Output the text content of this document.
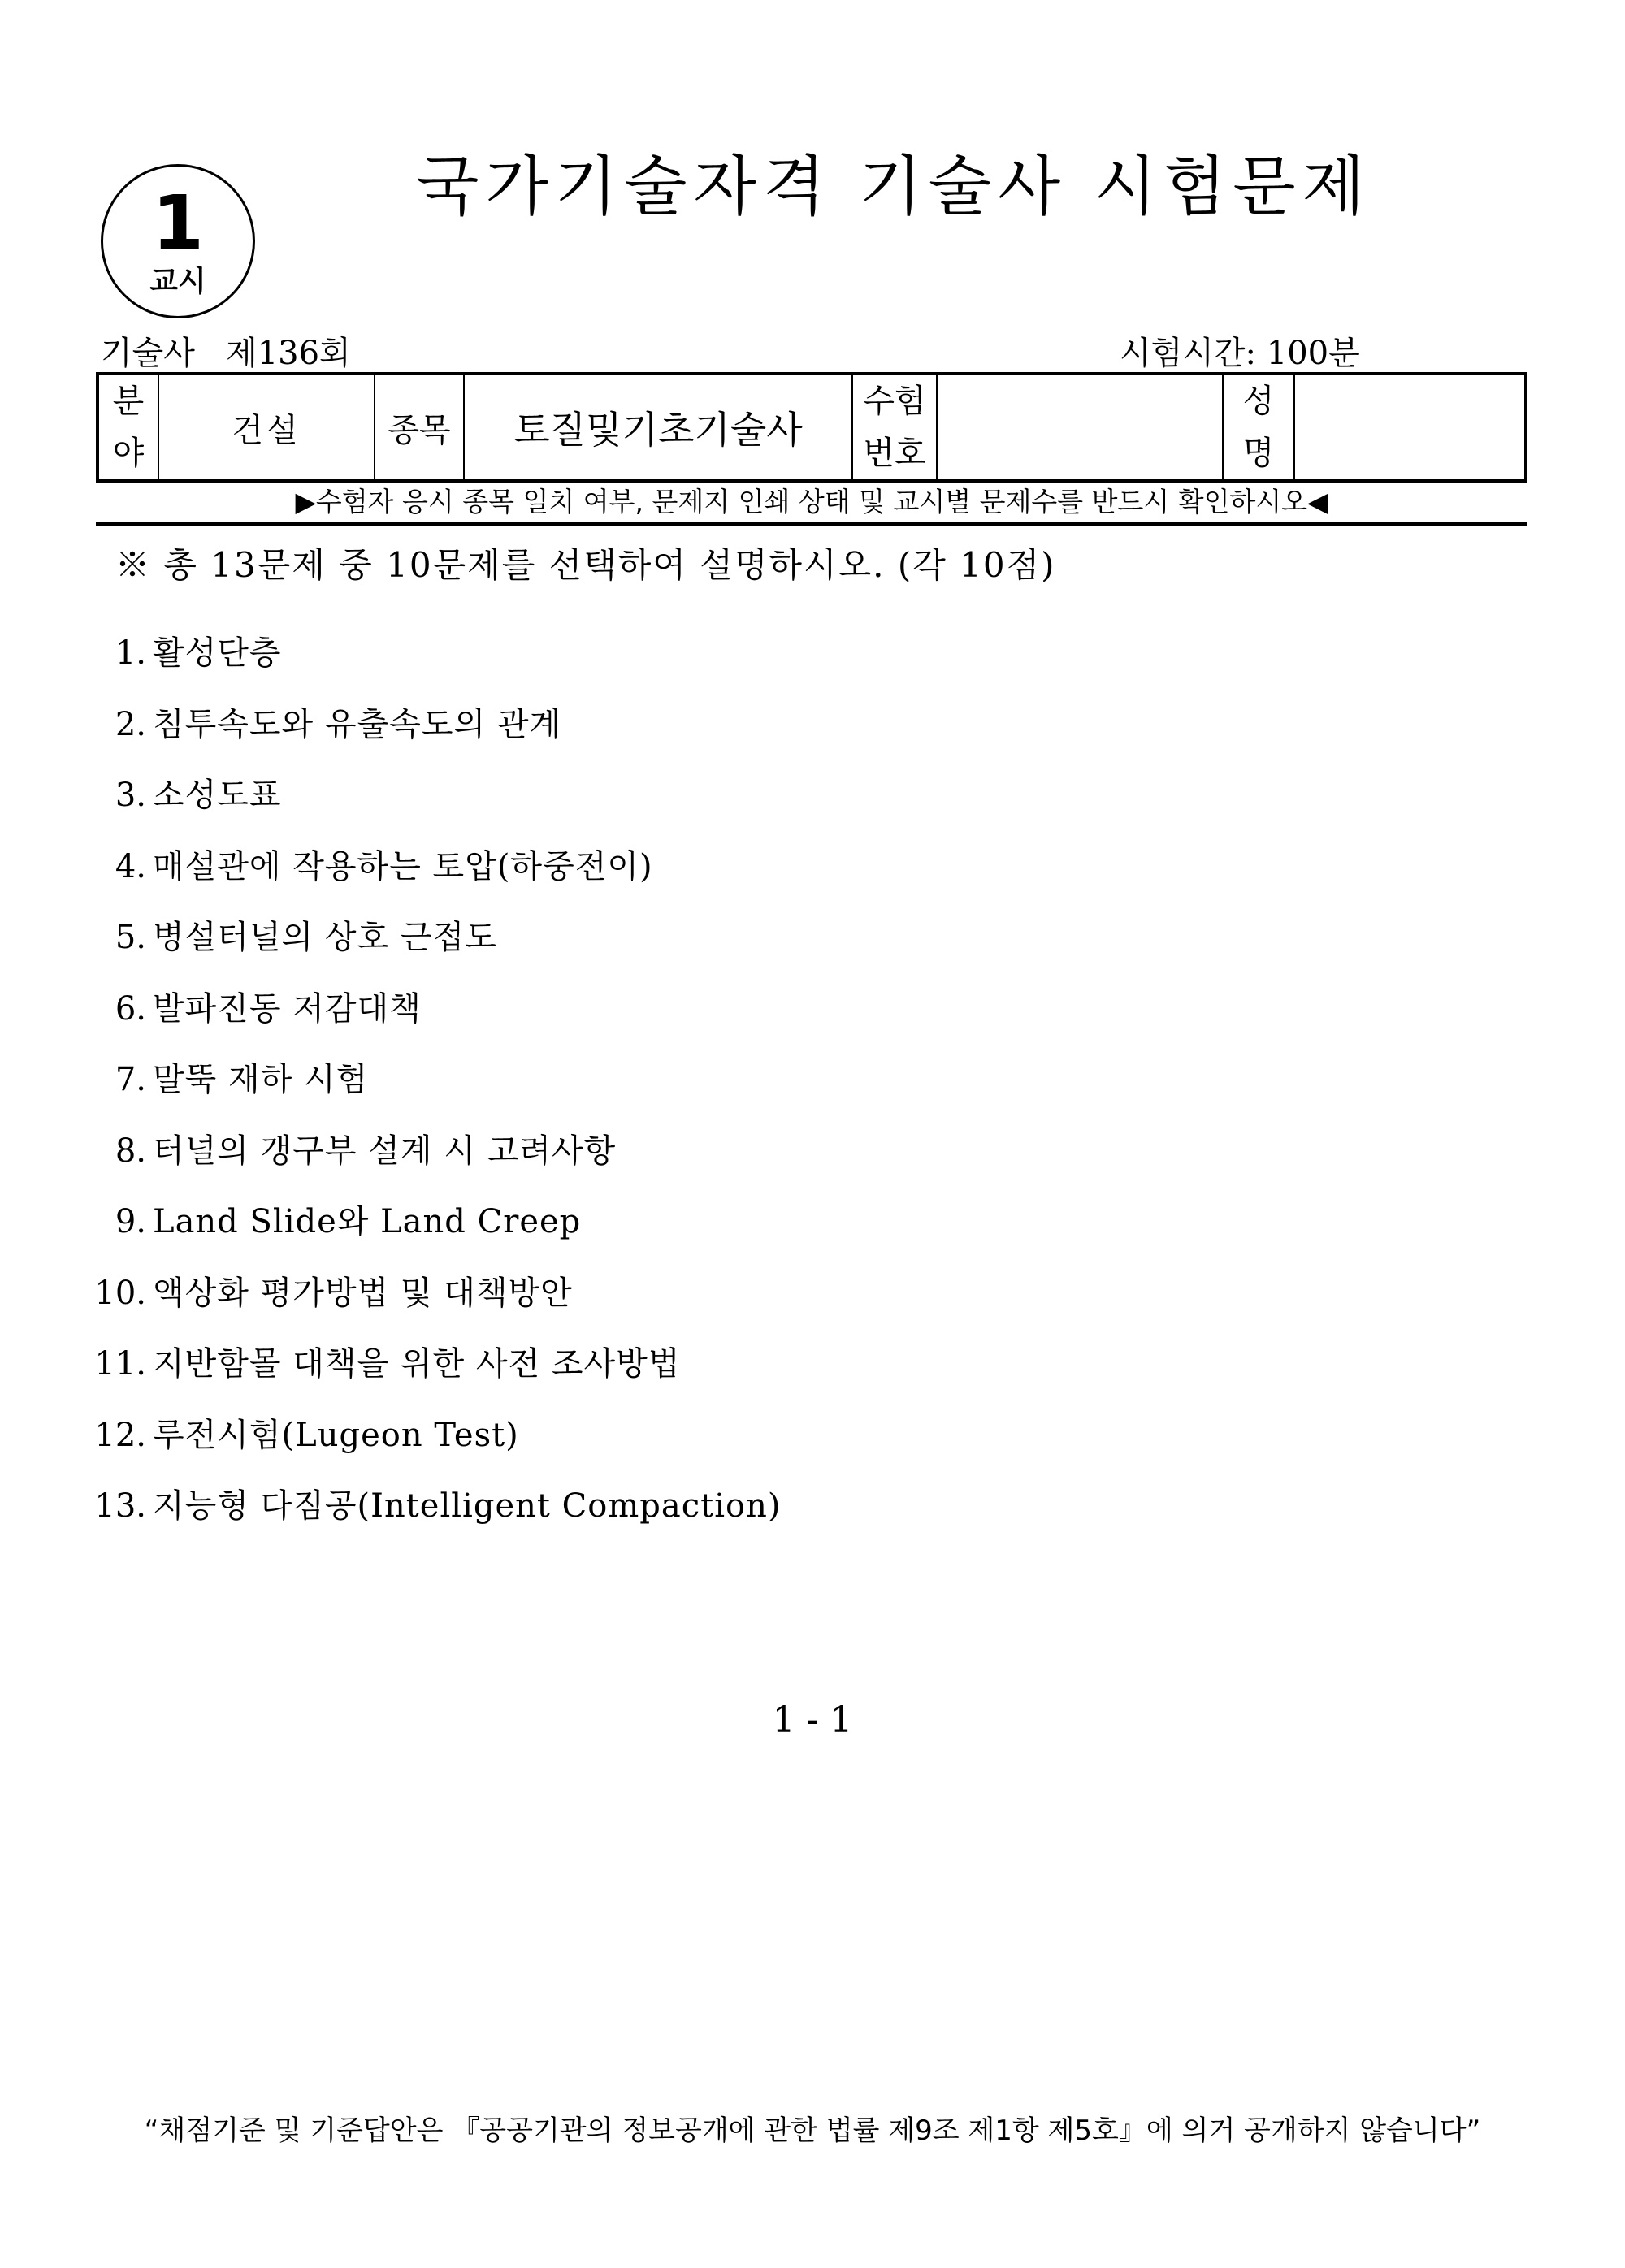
1
교시
국가기술자격 기술사 시험문제
기술사   제136회	시험시간: 100분
분
야
건설	종목 토질및기초기술사
수험
번호
성
명
▶수험자 응시 종목 일치 여부, 문제지 인쇄 상태 및 교시별 문제수를 반드시 확인하시오◀
※ 총 13문제 중 10문제를 선택하여 설명하시오. (각 10점)
1. 활성단층
2. 침투속도와 유출속도의 관계
3. 소성도표
4. 매설관에 작용하는 토압(하중전이)
5. 병설터널의 상호 근접도
6. 발파진동 저감대책
7. 말뚝 재하 시험
8. 터널의 갱구부 설계 시 고려사항
9. Land Slide와 Land Creep
10. 액상화 평가방법 및 대책방안
11. 지반함몰 대책을 위한 사전 조사방법
12. 루전시험(Lugeon Test)
13. 지능형 다짐공(Intelligent Compaction)
1 - 1
“채점기준 및 기준답안은 『공공기관의 정보공개에 관한 법률 제9조 제1항 제5호』에 의거 공개하지 않습니다”
